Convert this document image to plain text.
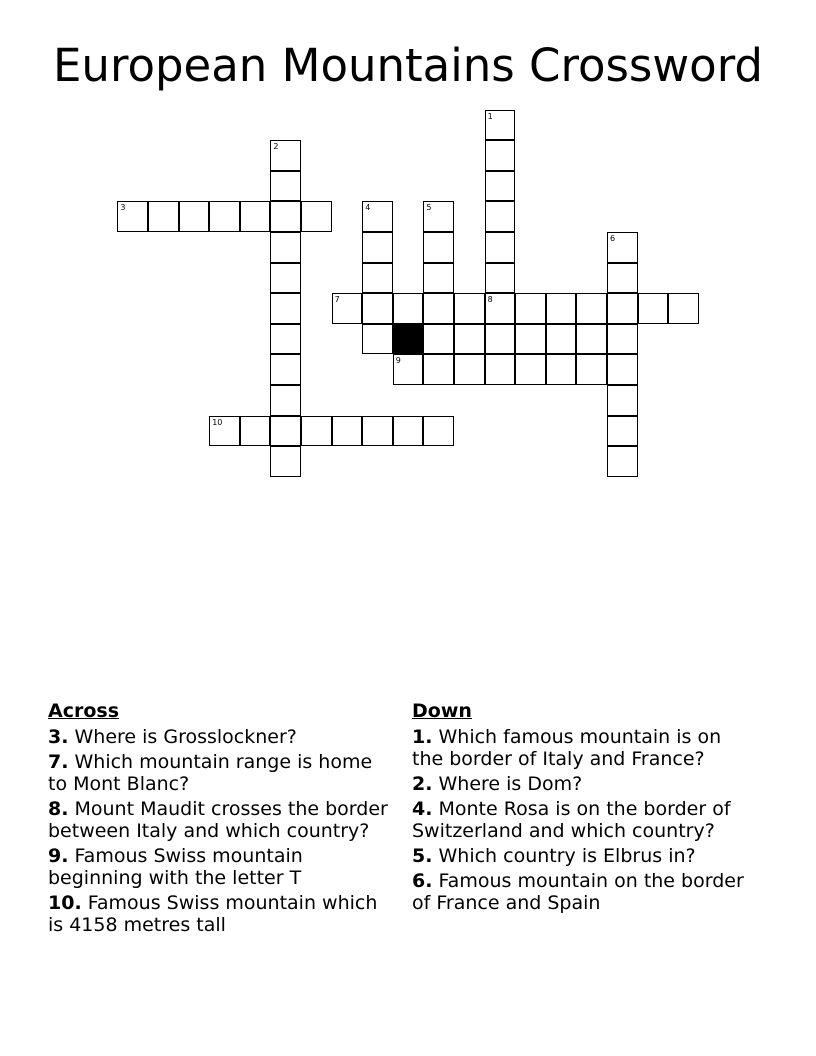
European Mountains Crossword
1
8
2
3	4	5
6
7
9
10
Across
3. Where is Grosslockner?
7. Which mountain range is home to Mont Blanc?
8. Mount Maudit crosses the border between Italy and which country?
9. Famous Swiss mountain beginning with the letter T
10. Famous Swiss mountain which is 4158 metres tall
Down
1. Which famous mountain is on the border of Italy and France?
2. Where is Dom?
4. Monte Rosa is on the border of Switzerland and which country?
5. Which country is Elbrus in?
6. Famous mountain on the border of France and Spain
